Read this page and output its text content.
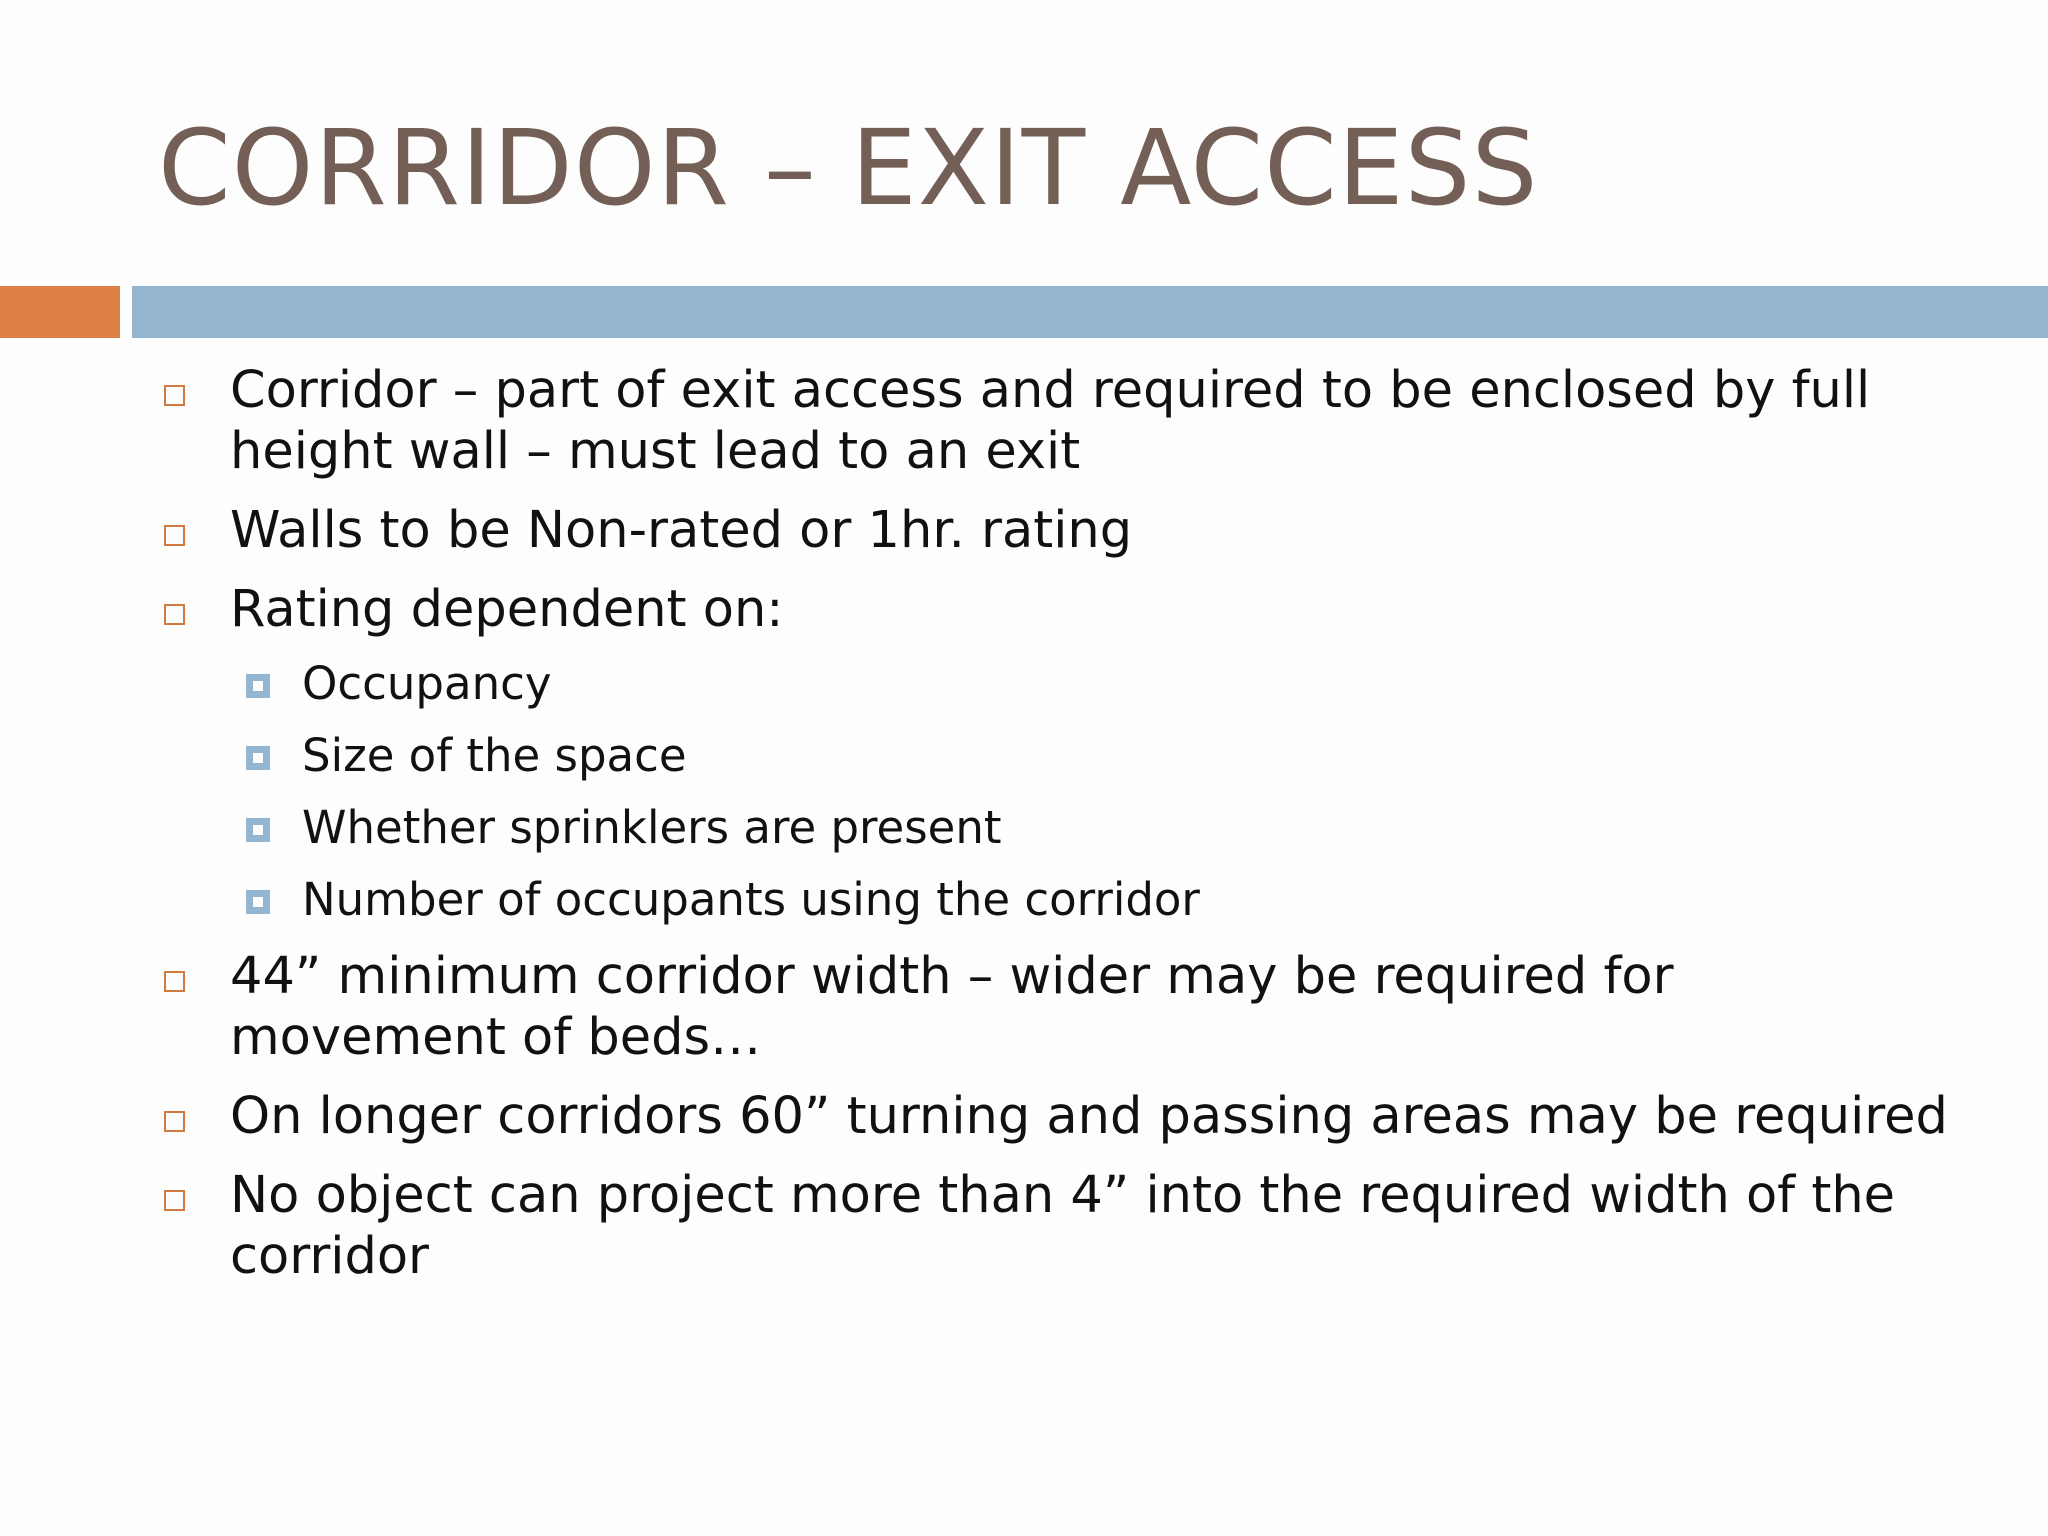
CORRIDOR – EXIT ACCESS
Corridor – part of exit access and required to be enclosed by full height wall – must lead to an exit
Walls to be Non-rated or 1hr. rating
Rating dependent on:
Occupancy
Size of the space
Whether sprinklers are present
Number of occupants using the corridor
44” minimum corridor width – wider may be required for movement of beds…
On longer corridors 60” turning and passing areas may be required
No object can project more than 4” into the required width of the corridor
